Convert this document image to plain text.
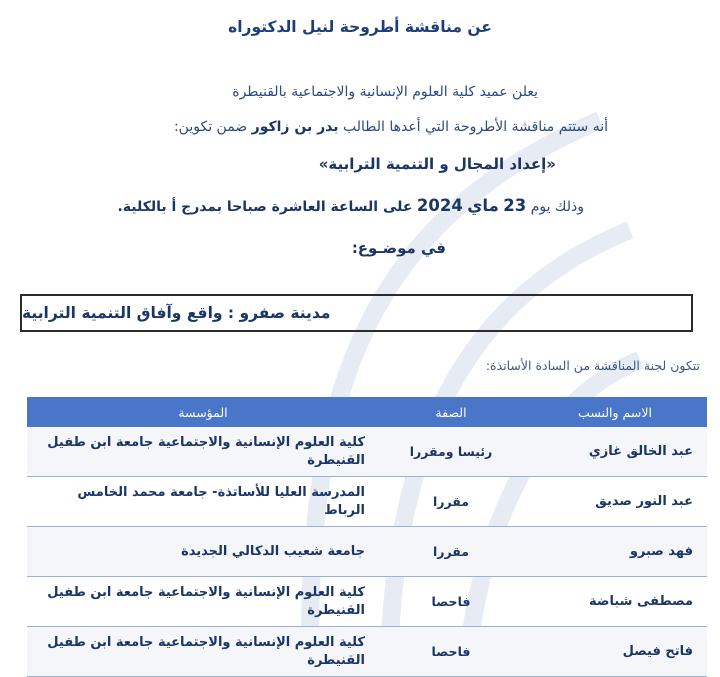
عن مناقشة أطروحة لنيل الدكتوراه
يعلن عميد كلية العلوم الإنسانية والاجتماعية بالقنيطرة
أنه ستتم مناقشة الأطروحة التي أعدها الطالب بدر بن زاكور ضمن تكوين:
«إعداد المجال و التنمية الترابية»
وذلك يوم 23 ماي 2024 على الساعة العاشرة صباحا بمدرج أ بالكلية.
في موضـوع:
مدينة صفرو : واقع وآفاق التنمية الترابية
تتكون لجنة المناقشة من السادة الأساتذة:
الاسم والنسب	الصفة	المؤسسة
عبد الخالق غازي	رئيسا ومقررا	كلية العلوم الإنسانية والاجتماعية جامعة ابن طفيل القنيطرة
عبد النور صديق	مقررا	المدرسة العليا للأساتذة- جامعة محمد الخامس الرباط
فهد صبرو	مقررا	جامعة شعيب الدكالي الجديدة
مصطفى شباضة	فاحصا	كلية العلوم الإنسانية والاجتماعية جامعة ابن طفيل القنيطرة
فاتح فيصل	فاحصا	كلية العلوم الإنسانية والاجتماعية جامعة ابن طفيل القنيطرة
